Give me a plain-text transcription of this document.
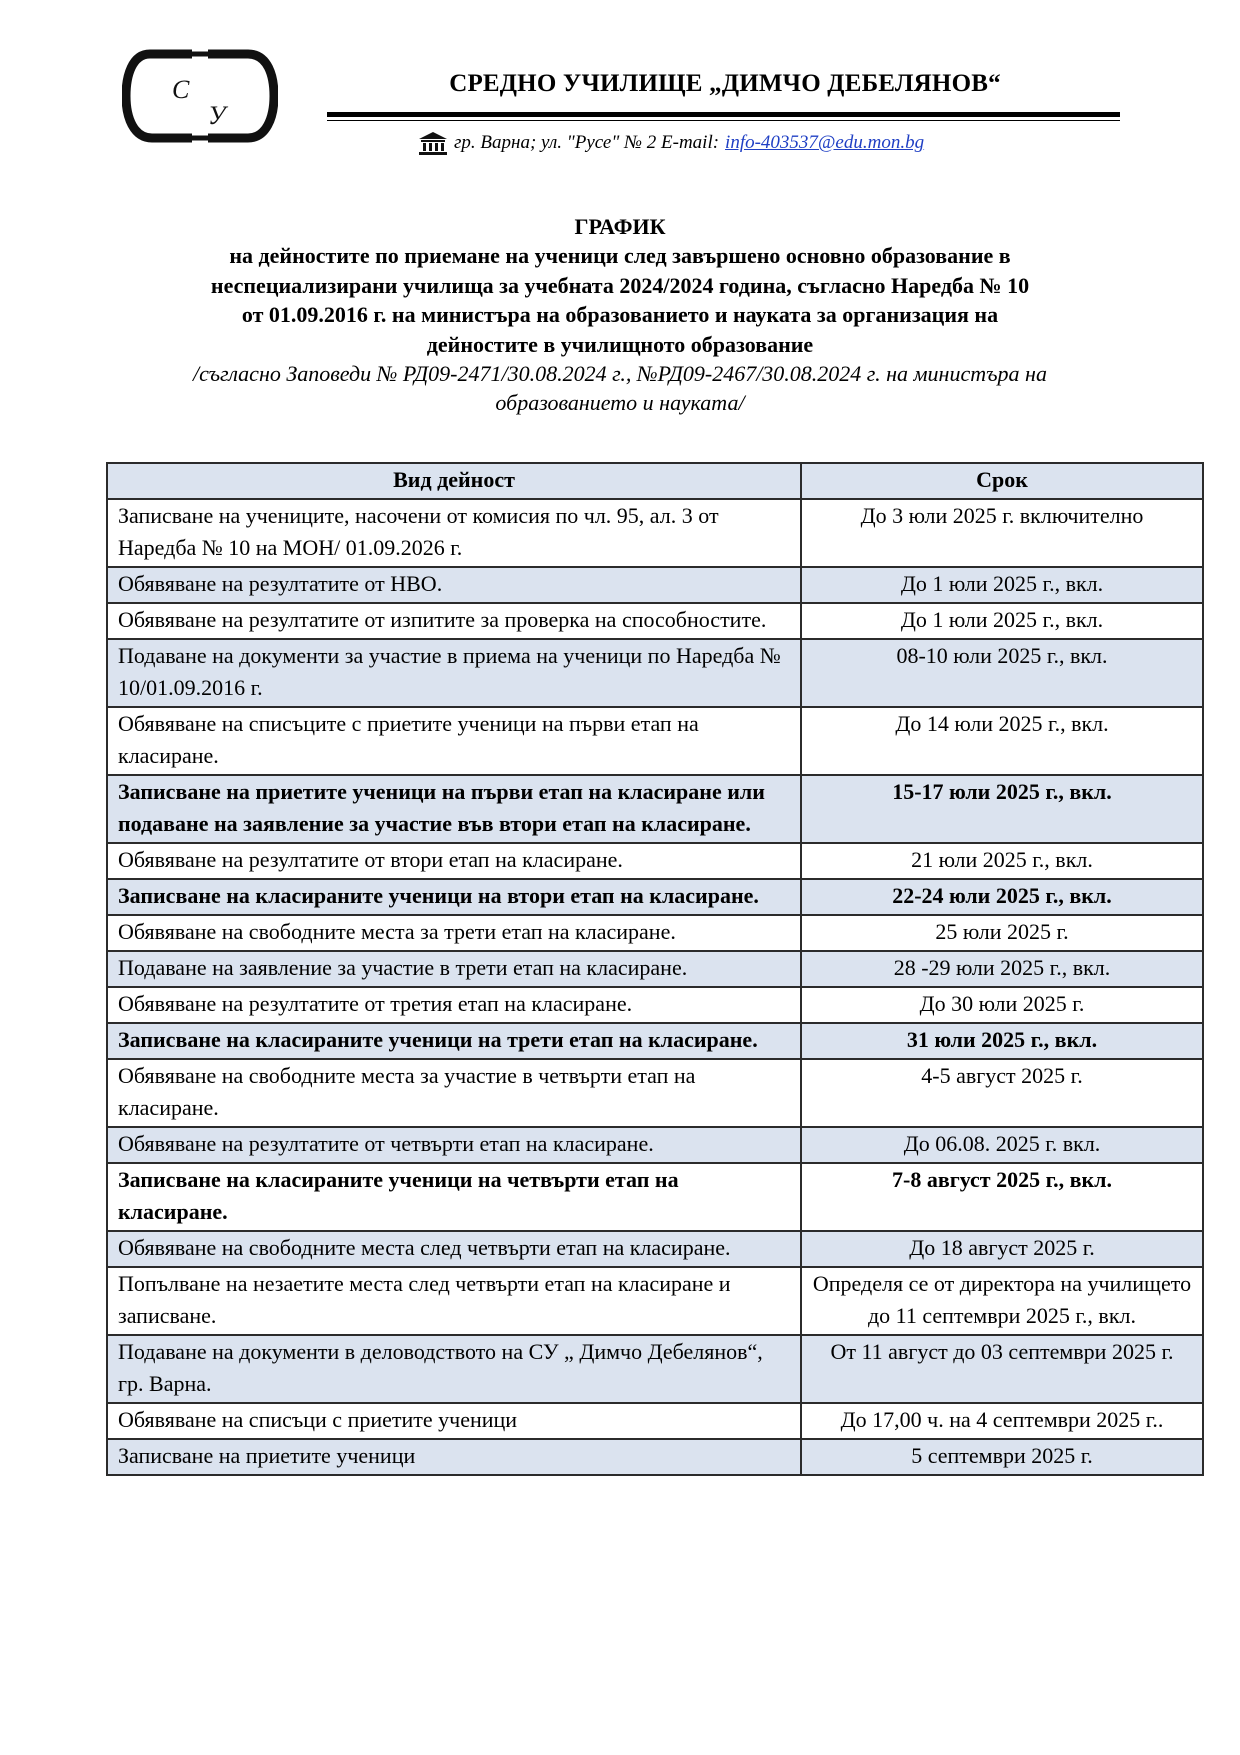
С
У
СРЕДНО УЧИЛИЩЕ „ДИМЧО ДЕБЕЛЯНОВ“
гр. Варна; ул. "Русе" № 2 E-mail: info-403537@edu.mon.bg
ГРАФИК
на дейностите по приемане на ученици след завършено основно образование в
неспециализирани училища за учебната 2024/2024 година, съгласно Наредба № 10
от 01.09.2016 г. на министъра на образованието и науката за организация на
дейностите в училищното образование
/съгласно Заповеди № РД09-2471/30.08.2024 г., №РД09-2467/30.08.2024 г. на министъра на
образованието и науката/
Вид дейност	Срок
Записване на учениците, насочени от комисия по чл. 95, ал. 3 от Наредба № 10 на МОН/ 01.09.2026 г.	До 3 юли 2025 г. включително
Обявяване на резултатите от НВО.	До 1 юли 2025 г., вкл.
Обявяване на резултатите от изпитите за проверка на способностите.	До 1 юли 2025 г., вкл.
Подаване на документи за участие в приема на ученици по Наредба № 10/01.09.2016 г.	08-10 юли 2025 г., вкл.
Обявяване на списъците с приетите ученици на първи етап на класиране.	До 14 юли 2025 г., вкл.
Записване на приетите ученици на първи етап на класиране или подаване на заявление за участие във втори етап на класиране.	15-17 юли 2025 г., вкл.
Обявяване на резултатите от втори етап на класиране.	21 юли 2025 г., вкл.
Записване на класираните ученици на втори етап на класиране.	22-24 юли 2025 г., вкл.
Обявяване на свободните места за трети етап на класиране.	25 юли 2025 г.
Подаване на заявление за участие в трети етап на класиране.	28 -29 юли 2025 г., вкл.
Обявяване на резултатите от третия етап на класиране.	До 30 юли 2025 г.
Записване на класираните ученици на трети етап на класиране.	31 юли 2025 г., вкл.
Обявяване на свободните места за участие в четвърти етап на класиране.	4-5 август 2025 г.
Обявяване на резултатите от четвърти етап на класиране.	До 06.08. 2025 г. вкл.
Записване на класираните ученици на четвърти етап на класиране.	7-8 август 2025 г., вкл.
Обявяване на свободните места след четвърти етап на класиране.	До 18 август 2025 г.
Попълване на незаетите места след четвърти етап на класиране и записване.	Определя се от директора на училището до 11 септември 2025 г., вкл.
Подаване на документи в деловодството на СУ „ Димчо Дебелянов“, гр. Варна.	От 11 август до 03 септември 2025 г.
Обявяване на списъци с приетите ученици	До 17,00 ч. на 4 септември 2025 г..
Записване на приетите ученици	5 септември 2025 г.
